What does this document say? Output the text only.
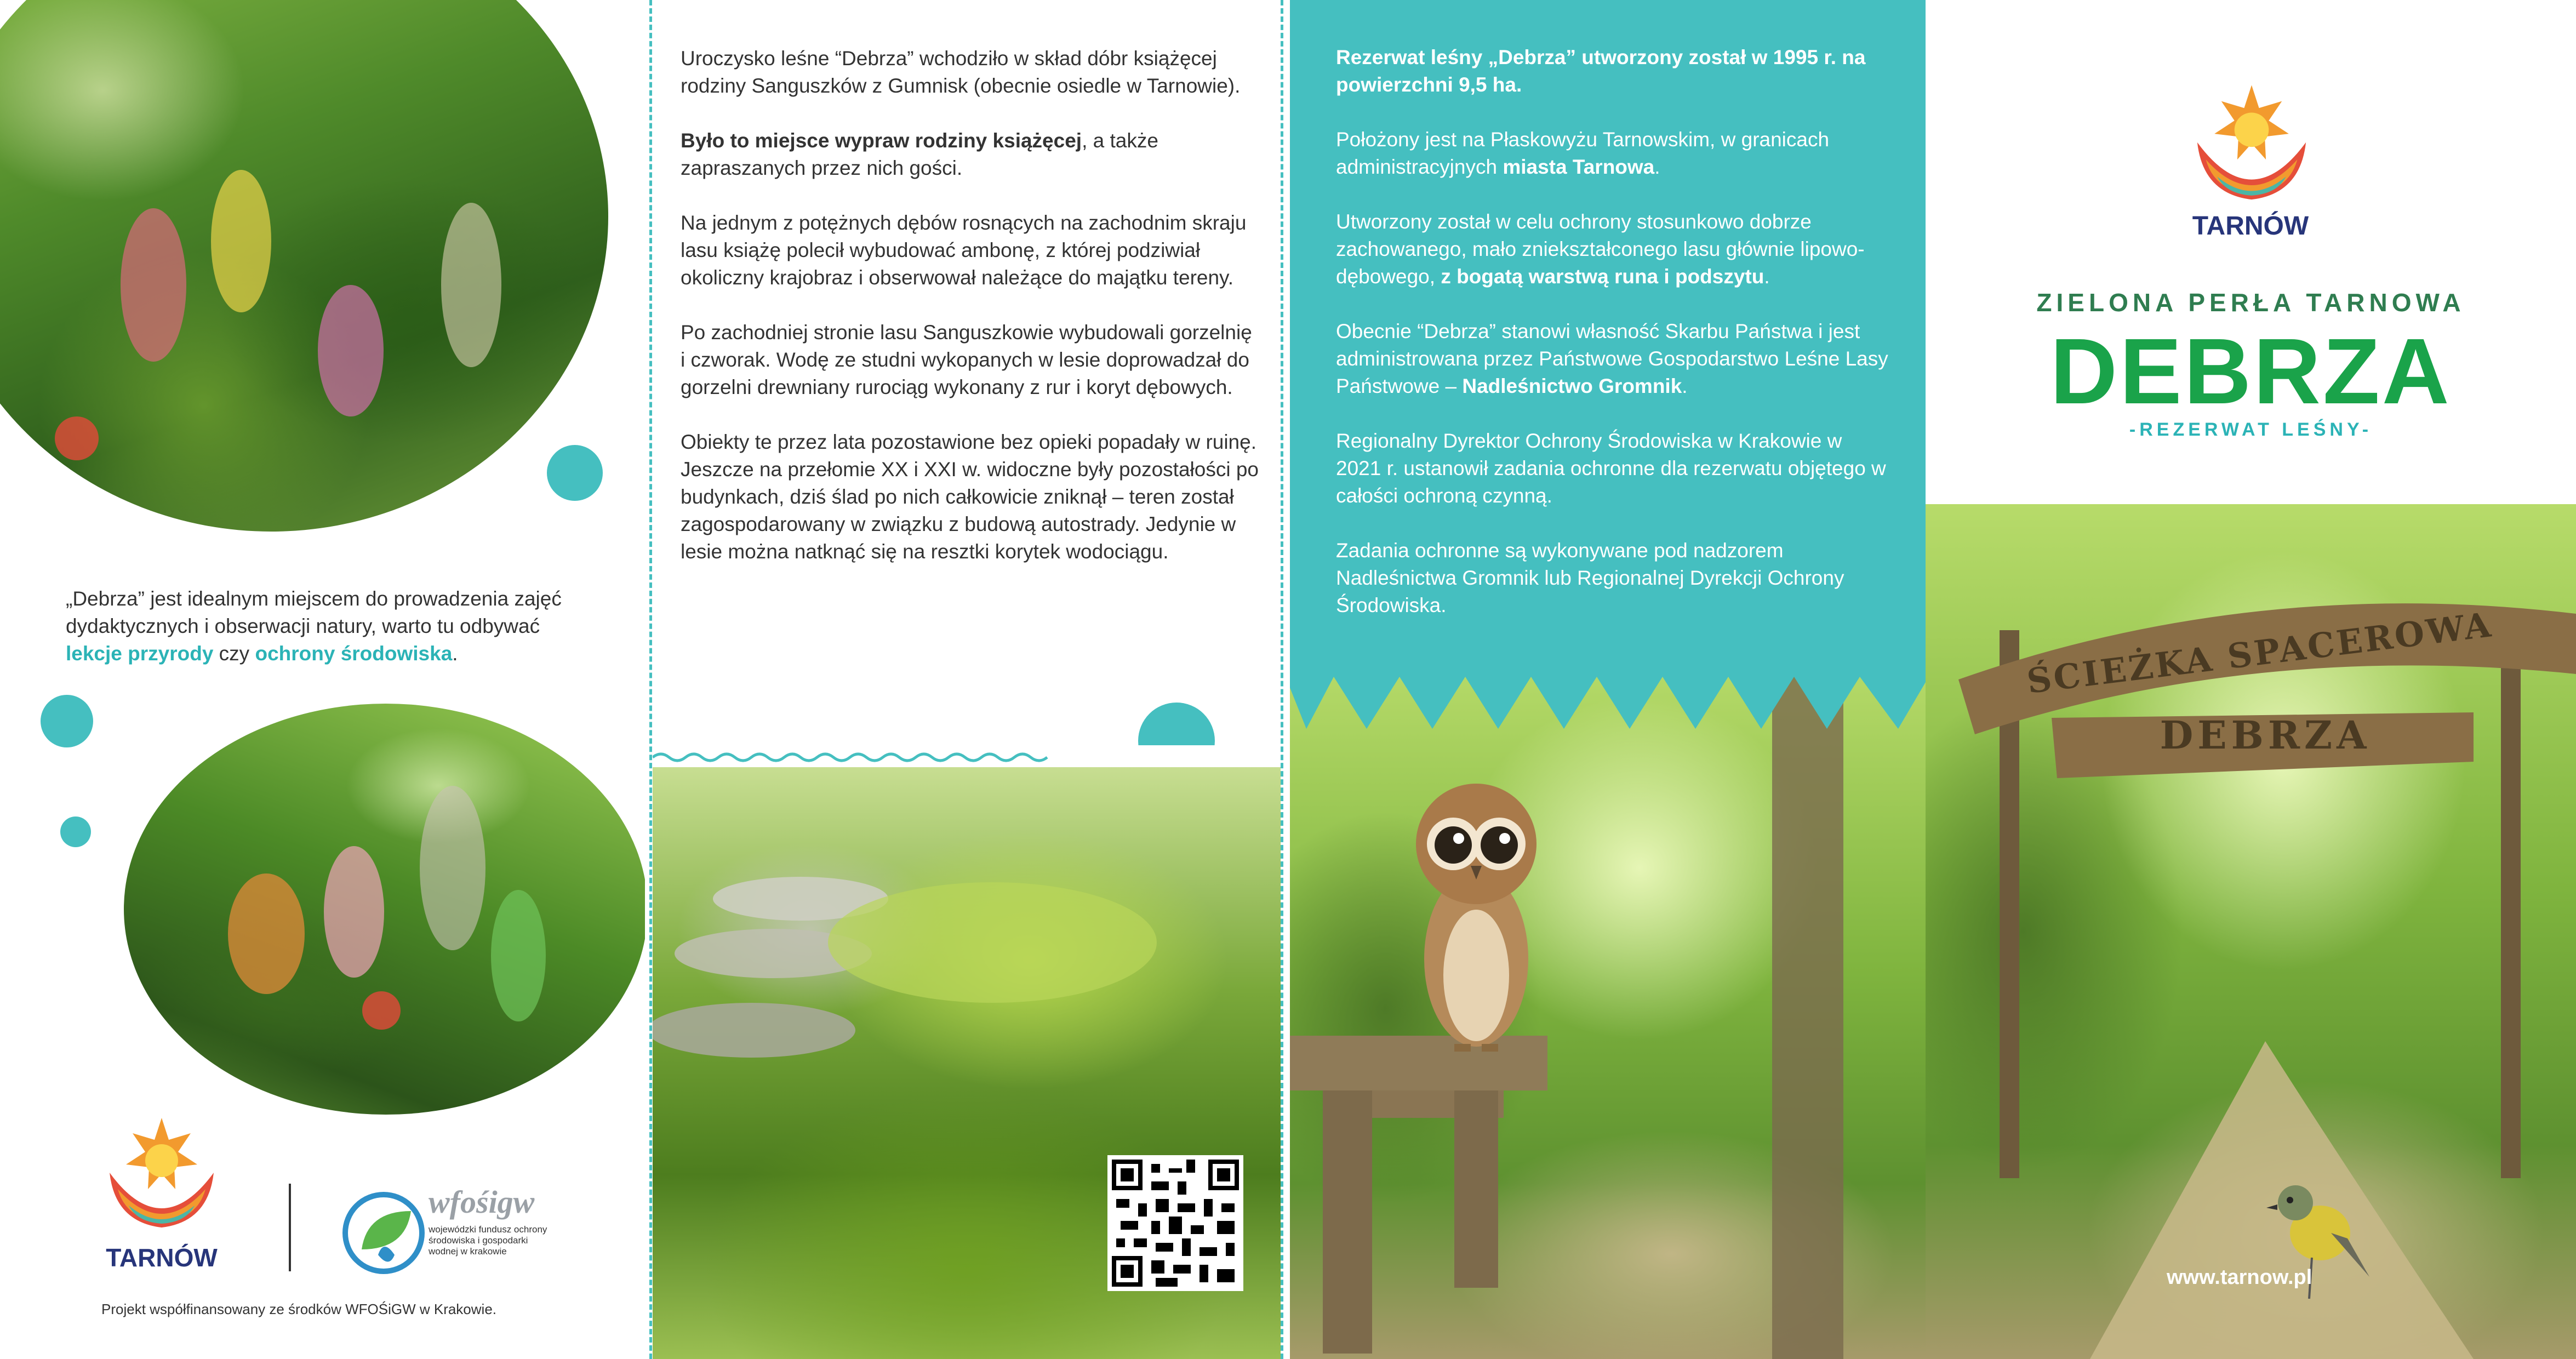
„Debrza” jest idealnym miejscem do prowadzenia zajęć dydaktycznych i obserwacji natury, warto tu odbywać lekcje przyrody czy ochrony środowiska.
TARNÓW
wfośigw
wojewódzki fundusz ochrony środowiska i gospodarki wodnej w krakowie
Projekt współfinansowany ze środków WFOŚiGW w Krakowie.

Uroczysko leśne “Debrza” wchodziło w skład dóbr książęcej rodziny Sanguszków z Gumnisk (obecnie osiedle w Tarnowie).

Było to miejsce wypraw rodziny książęcej, a także zapraszanych przez nich gości.

Na jednym z potężnych dębów rosnących na zachodnim skraju lasu książę polecił wybudować ambonę, z której podziwiał okoliczny krajobraz i obserwował należące do majątku tereny.

Po zachodniej stronie lasu Sanguszkowie wybudowali gorzelnię i czworak. Wodę ze studni wykopanych w lesie doprowadzał do gorzelni drewniany rurociąg wykonany z rur i koryt dębowych.

Obiekty te przez lata pozostawione bez opieki popadały w ruinę. Jeszcze na przełomie XX i XXI w. widoczne były pozostałości po budynkach, dziś ślad po nich całkowicie zniknął – teren został zagospodarowany w związku z budową autostrady. Jedynie w lesie można natknąć się na resztki korytek wodociągu.

Rezerwat leśny „Debrza” utworzony został w 1995 r. na powierzchni 9,5 ha.

Położony jest na Płaskowyżu Tarnowskim, w granicach administracyjnych miasta Tarnowa.

Utworzony został w celu ochrony stosunkowo dobrze zachowanego, mało zniekształconego lasu głównie lipowo-dębowego, z bogatą warstwą runa i podszytu.

Obecnie “Debrza” stanowi własność Skarbu Państwa i jest administrowana przez Państwowe Gospodarstwo Leśne Lasy Państwowe – Nadleśnictwo Gromnik.

Regionalny Dyrektor Ochrony Środowiska w Krakowie w 2021 r. ustanowił zadania ochronne dla rezerwatu objętego w całości ochroną czynną.

Zadania ochronne są wykonywane pod nadzorem Nadleśnictwa Gromnik lub Regionalnej Dyrekcji Ochrony Środowiska.

TARNÓW
ZIELONA PERŁA TARNOWA
DEBRZA
-REZERWAT LEŚNY-
ŚCIEŻKA SPACEROWA
DEBRZA
www.tarnow.pl
